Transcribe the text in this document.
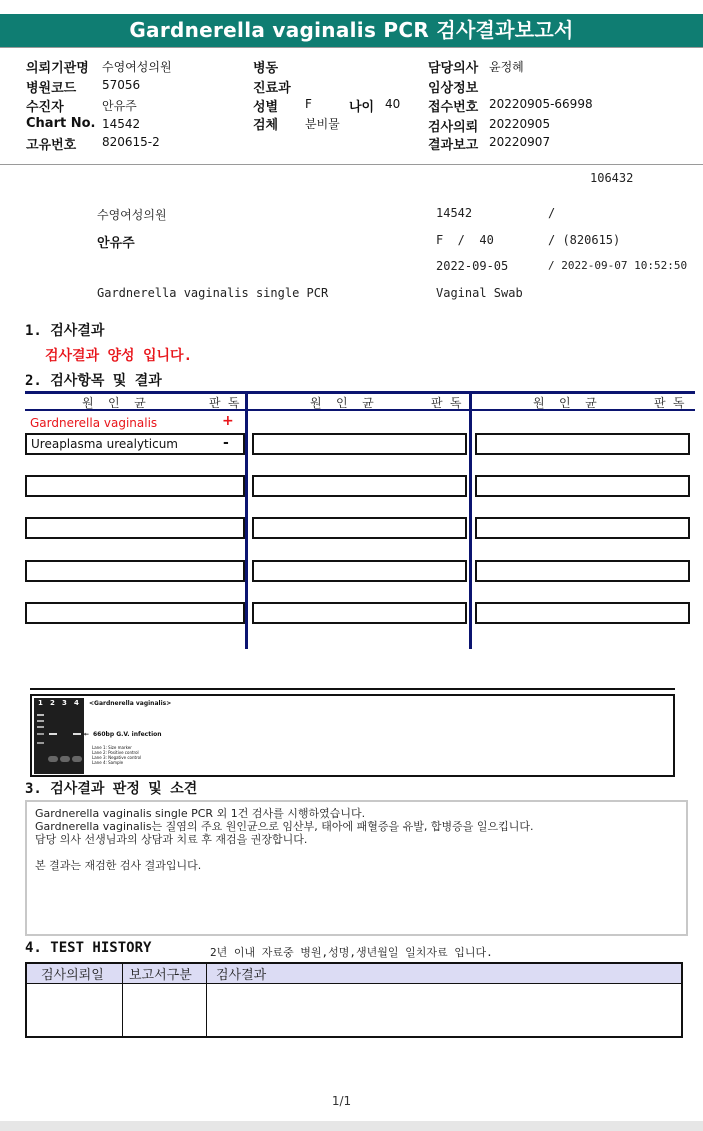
Gardnerella vaginalis PCR 검사결과보고서
의뢰기관명 수영여성의원
병원코드 57056
수진자	안유주
Chart No. 14542
고유번호 820615-2
병동
진료과
성별 F	나이 40
검체 분비물
담당의사 윤정혜
임상정보
접수번호 20220905-66998
검사의뢰 20220905
결과보고 20220907
106432
수영여성의원	14542	/
안유주	F  /  40	/ (820615)
2022-09-05	/ 2022-09-07 10:52:50
Gardnerella vaginalis single PCR	Vaginal Swab
1. 검사결과
검사결과 양성 입니다.
2. 검사항목 및 결과
원  인  균	판 독	원  인  균	판 독	원  인  균	판 독
Gardnerella vaginalis	+
Ureaplasma urealyticum	-
1 2 3 4 <Gardnerella vaginalis>
← 660bp G.V. infection
Lane 1: Size marker
Lane 2: Positive control
Lane 3: Negative control
Lane 4: Sample
3. 검사결과 판정 및 소견
Gardnerella vaginalis single PCR 외 1건 검사를 시행하였습니다.
Gardnerella vaginalis는 질염의 주요 원인균으로 임산부, 태아에 패혈증을 유발, 합병증을 일으킵니다.
담당 의사 선생님과의 상담과 치료 후 재검을 권장합니다.
본 결과는 재검한 검사 결과입니다.
4. TEST HISTORY	2년 이내 자료중 병원,성명,생년월일 일치자료 입니다.
검사의뢰일 보고서구분 검사결과
1/1
